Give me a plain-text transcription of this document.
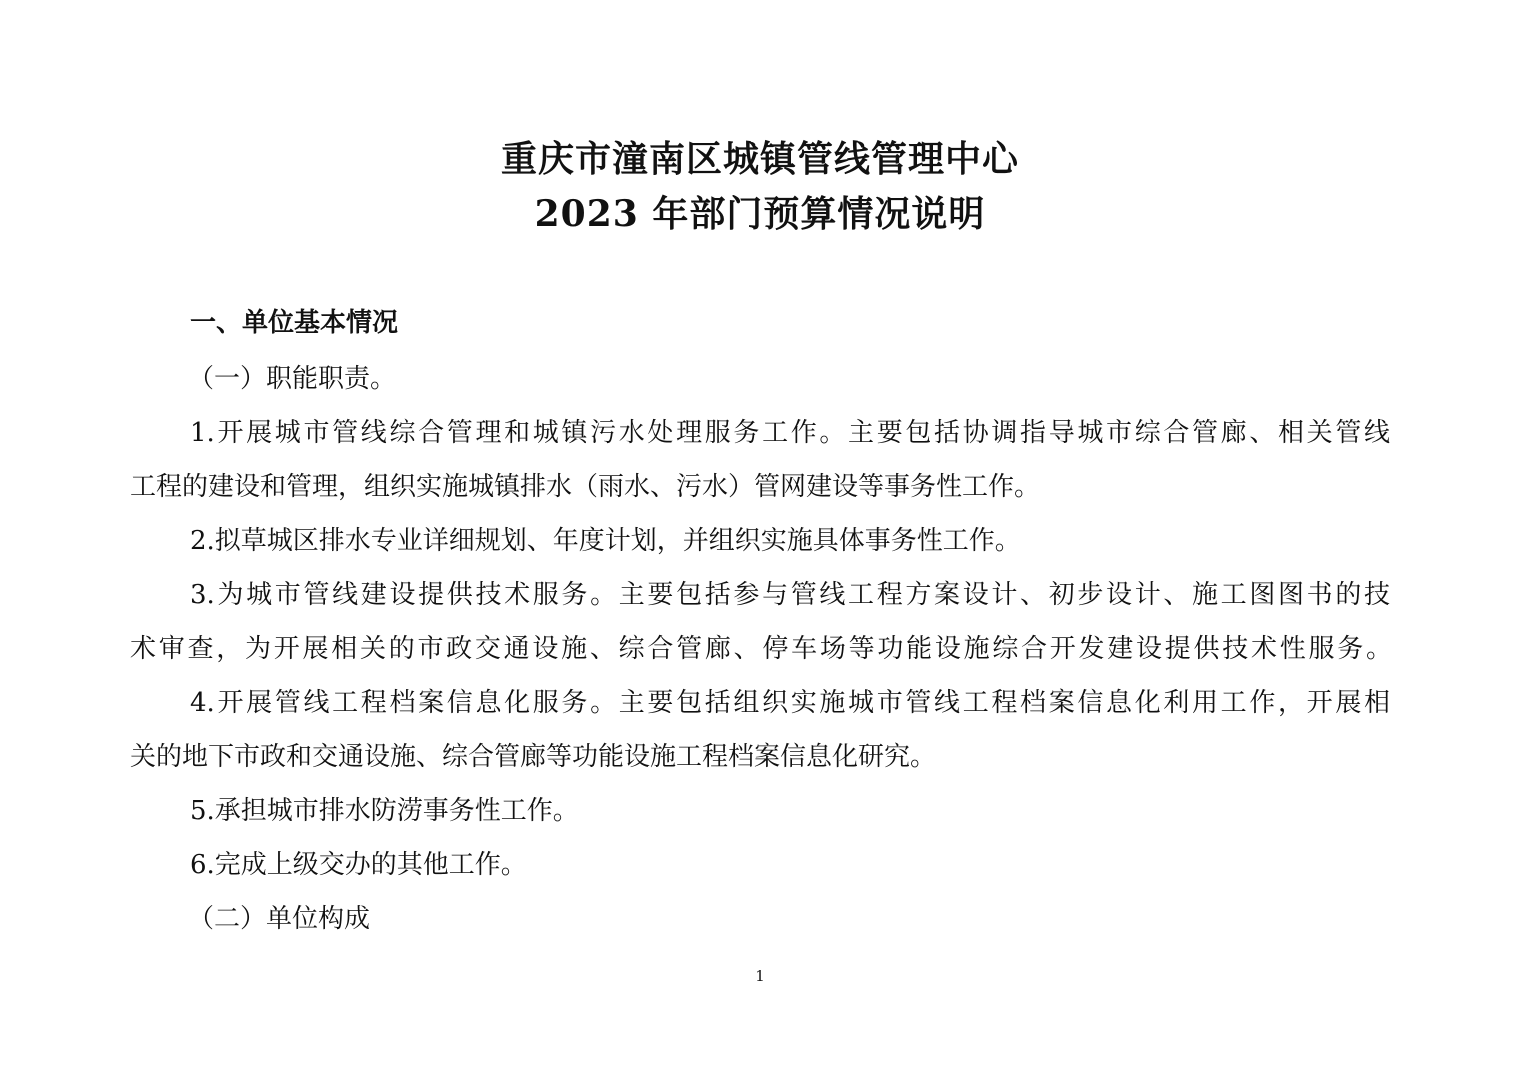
重庆市潼南区城镇管线管理中心
2023 年部门预算情况说明

一、单位基本情况

（一）职能职责。

1.开展城市管线综合管理和城镇污水处理服务工作。主要包括协调指导城市综合管廊、相关管线

工程的建设和管理，组织实施城镇排水（雨水、污水）管网建设等事务性工作。

2.拟草城区排水专业详细规划、年度计划，并组织实施具体事务性工作。

3.为城市管线建设提供技术服务。主要包括参与管线工程方案设计、初步设计、施工图图书的技

术审查，为开展相关的市政交通设施、综合管廊、停车场等功能设施综合开发建设提供技术性服务。

4.开展管线工程档案信息化服务。主要包括组织实施城市管线工程档案信息化利用工作，开展相

关的地下市政和交通设施、综合管廊等功能设施工程档案信息化研究。

5.承担城市排水防涝事务性工作。

6.完成上级交办的其他工作。

（二）单位构成

1
